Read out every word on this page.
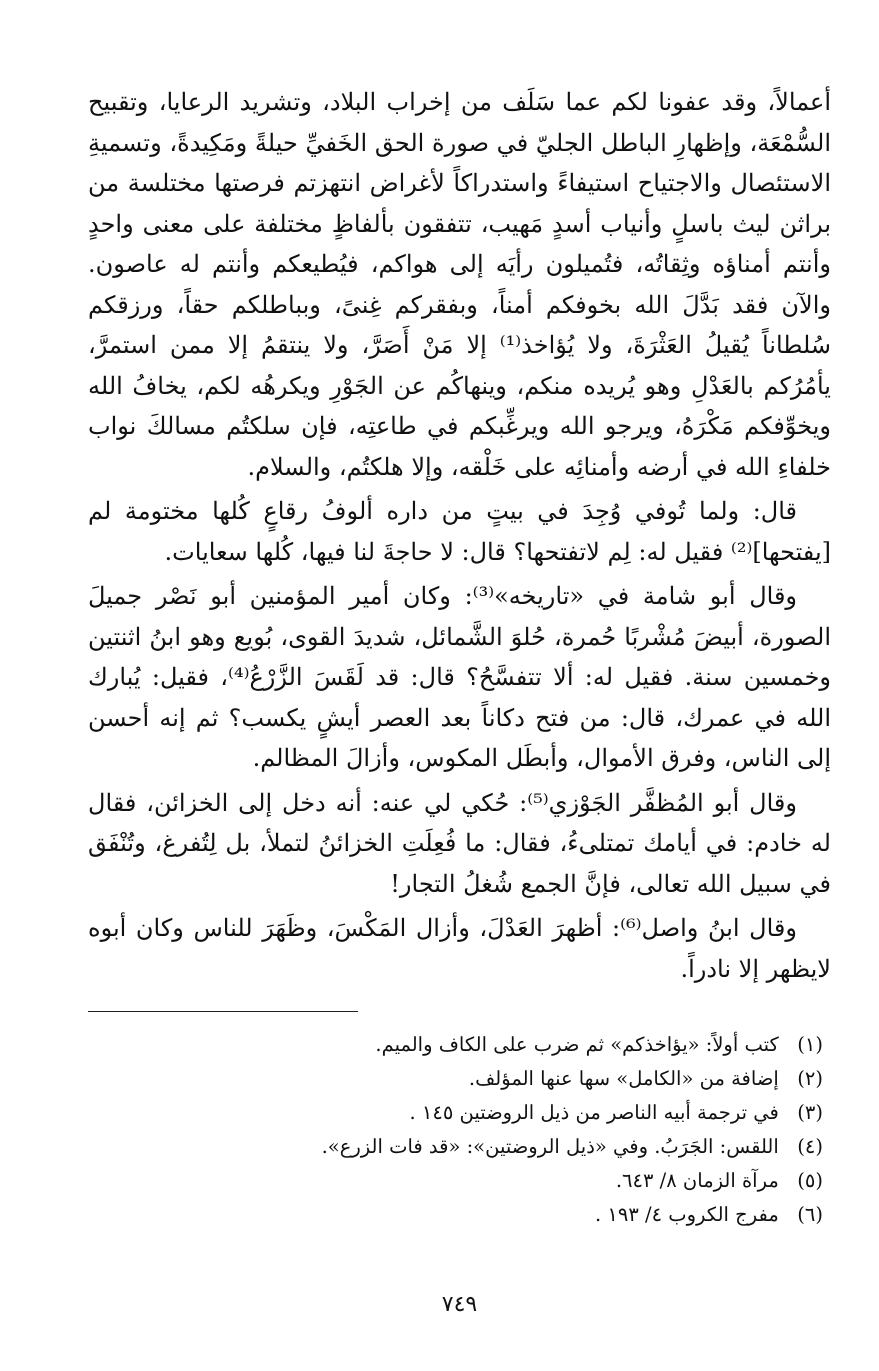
أعمالاً، وقد عفونا لكم عما سَلَف من إخراب البلاد، وتشريد الرعايا، وتقبيح السُّمْعَة، وإظهارِ الباطل الجليّ في صورة الحق الخَفيِّ حيلةً ومَكِيدةً، وتسميةِ الاستئصال والاجتياح استيفاءً واستدراكاً لأغراض انتهزتم فرصتها مختلسة من براثن ليث باسلٍ وأنياب أسدٍ مَهيب، تتفقون بألفاظٍ مختلفة على معنى واحدٍ وأنتم أمناؤه وثِقاتُه، فتُميلون رأيَه إلى هواكم، فيُطيعكم وأنتم له عاصون. والآن فقد بَدَّلَ الله بخوفكم أمناً، وبفقركم غِنىً، وبباطلكم حقاً، ورزقكم سُلطاناً يُقيلُ العَثْرَةَ، ولا يُؤاخذ⁽¹⁾ إلا مَنْ أَصَرَّ، ولا ينتقمُ إلا ممن استمرَّ، يأمُرُكم بالعَدْلِ وهو يُريده منكم، وينهاكُم عن الجَوْرِ ويكرهُه لكم، يخافُ الله ويخوِّفكم مَكْرَهُ، ويرجو الله ويرغِّبكم في طاعتِه، فإن سلكتُم مسالكَ نواب خلفاءِ الله في أرضه وأمنائِه على خَلْقه، وإلا هلكتُم، والسلام.

قال: ولما تُوفي وُجِدَ في بيتٍ من داره ألوفُ رقاعٍ كُلها مختومة لم [يفتحها]⁽²⁾ فقيل له: لِم لاتفتحها؟ قال: لا حاجةَ لنا فيها، كُلها سعايات.

وقال أبو شامة في «تاريخه»⁽³⁾: وكان أمير المؤمنين أبو نَصْر جميلَ الصورة، أبيضَ مُشْربًا حُمرة، حُلوَ الشَّمائل، شديدَ القوى، بُويع وهو ابنُ اثنتين وخمسين سنة. فقيل له: ألا تتفسَّحُ؟ قال: قد لَقَسَ الزَّرْعُ⁽⁴⁾، فقيل: يُبارك الله في عمرك، قال: من فتح دكاناً بعد العصر أيشٍ يكسب؟ ثم إنه أحسن إلى الناس، وفرق الأموال، وأبطَل المكوس، وأزالَ المظالم.

وقال أبو المُظفَّر الجَوْزي⁽⁵⁾: حُكي لي عنه: أنه دخل إلى الخزائن، فقال له خادم: في أيامك تمتلىءُ، فقال: ما فُعِلَتِ الخزائنُ لتملأ، بل لِتُفرغ، وتُنْفَق في سبيل الله تعالى، فإنَّ الجمع شُغلُ التجار!

وقال ابنُ واصل⁽⁶⁾: أظهرَ العَدْلَ، وأزال المَكْسَ، وظَهَرَ للناس وكان أبوه لايظهر إلا نادراً.

(١) كتب أولاً: «يؤاخذكم» ثم ضرب على الكاف والميم.
(٢) إضافة من «الكامل» سها عنها المؤلف.
(٣) في ترجمة أبيه الناصر من ذيل الروضتين ١٤٥ .
(٤) اللقس: الجَرَبُ. وفي «ذيل الروضتين»: «قد فات الزرع».
(٥) مرآة الزمان ٨/ ٦٤٣.
(٦) مفرج الكروب ٤/ ١٩٣ .
٧٤٩
